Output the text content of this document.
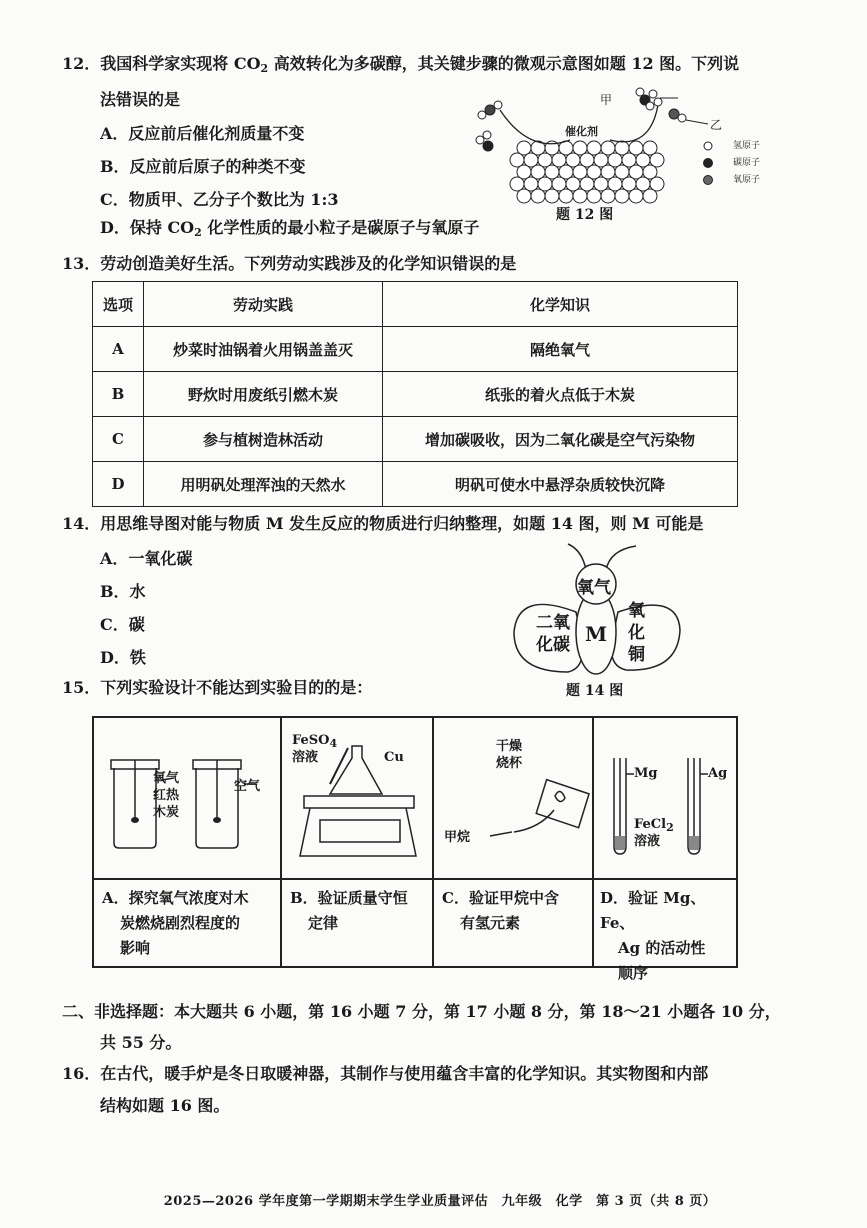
12．我国科学家实现将 $CO_2$ 高效转化为多碳醇，其关键步骤的微观示意图如题 12 图。下列说
法错误的是
A．反应前后催化剂质量不变
B．反应前后原子的种类不变
C．物质甲、乙分子个数比为 1:3
D．保持 $CO_2$ 化学性质的最小粒子是碳原子与氧原子
甲
乙
催化剂
氢原子
碳原子
氧原子
题 12 图
13．劳动创造美好生活。下列劳动实践涉及的化学知识错误的是
选项	劳动实践	化学知识
A	炒菜时油锅着火用锅盖盖灭	隔绝氧气
B	野炊时用废纸引燃木炭	纸张的着火点低于木炭
C	参与植树造林活动	增加碳吸收，因为二氧化碳是空气污染物
D	用明矾处理浑浊的天然水	明矾可使水中悬浮杂质较快沉降
14．用思维导图对能与物质 M 发生反应的物质进行归纳整理，如题 14 图，则 M 可能是
A．一氧化碳
B．水
C．碳
D．铁
氧气
M
二氧
化碳
氧
化
铜
题 14 图
15．下列实验设计不能达到实验目的的是：
氧气
红热
木炭
空气
FeSO$_4$
溶液	Cu
干燥
烧杯
甲烷
Mg	Ag
FeCl$_2$
溶液
A．探究氧气浓度对木
炭燃烧剧烈程度的
影响
B．验证质量守恒
定律
C．验证甲烷中含
有氢元素
D．验证 Mg、Fe、
Ag 的活动性
顺序
二、非选择题：本大题共 6 小题，第 16 小题 7 分，第 17 小题 8 分，第 18～21 小题各 10 分，
共 55 分。
16．在古代，暖手炉是冬日取暖神器，其制作与使用蕴含丰富的化学知识。其实物图和内部
结构如题 16 图。
2025—2026 学年度第一学期期末学生学业质量评估　九年级　化学　第 3 页（共 8 页）
